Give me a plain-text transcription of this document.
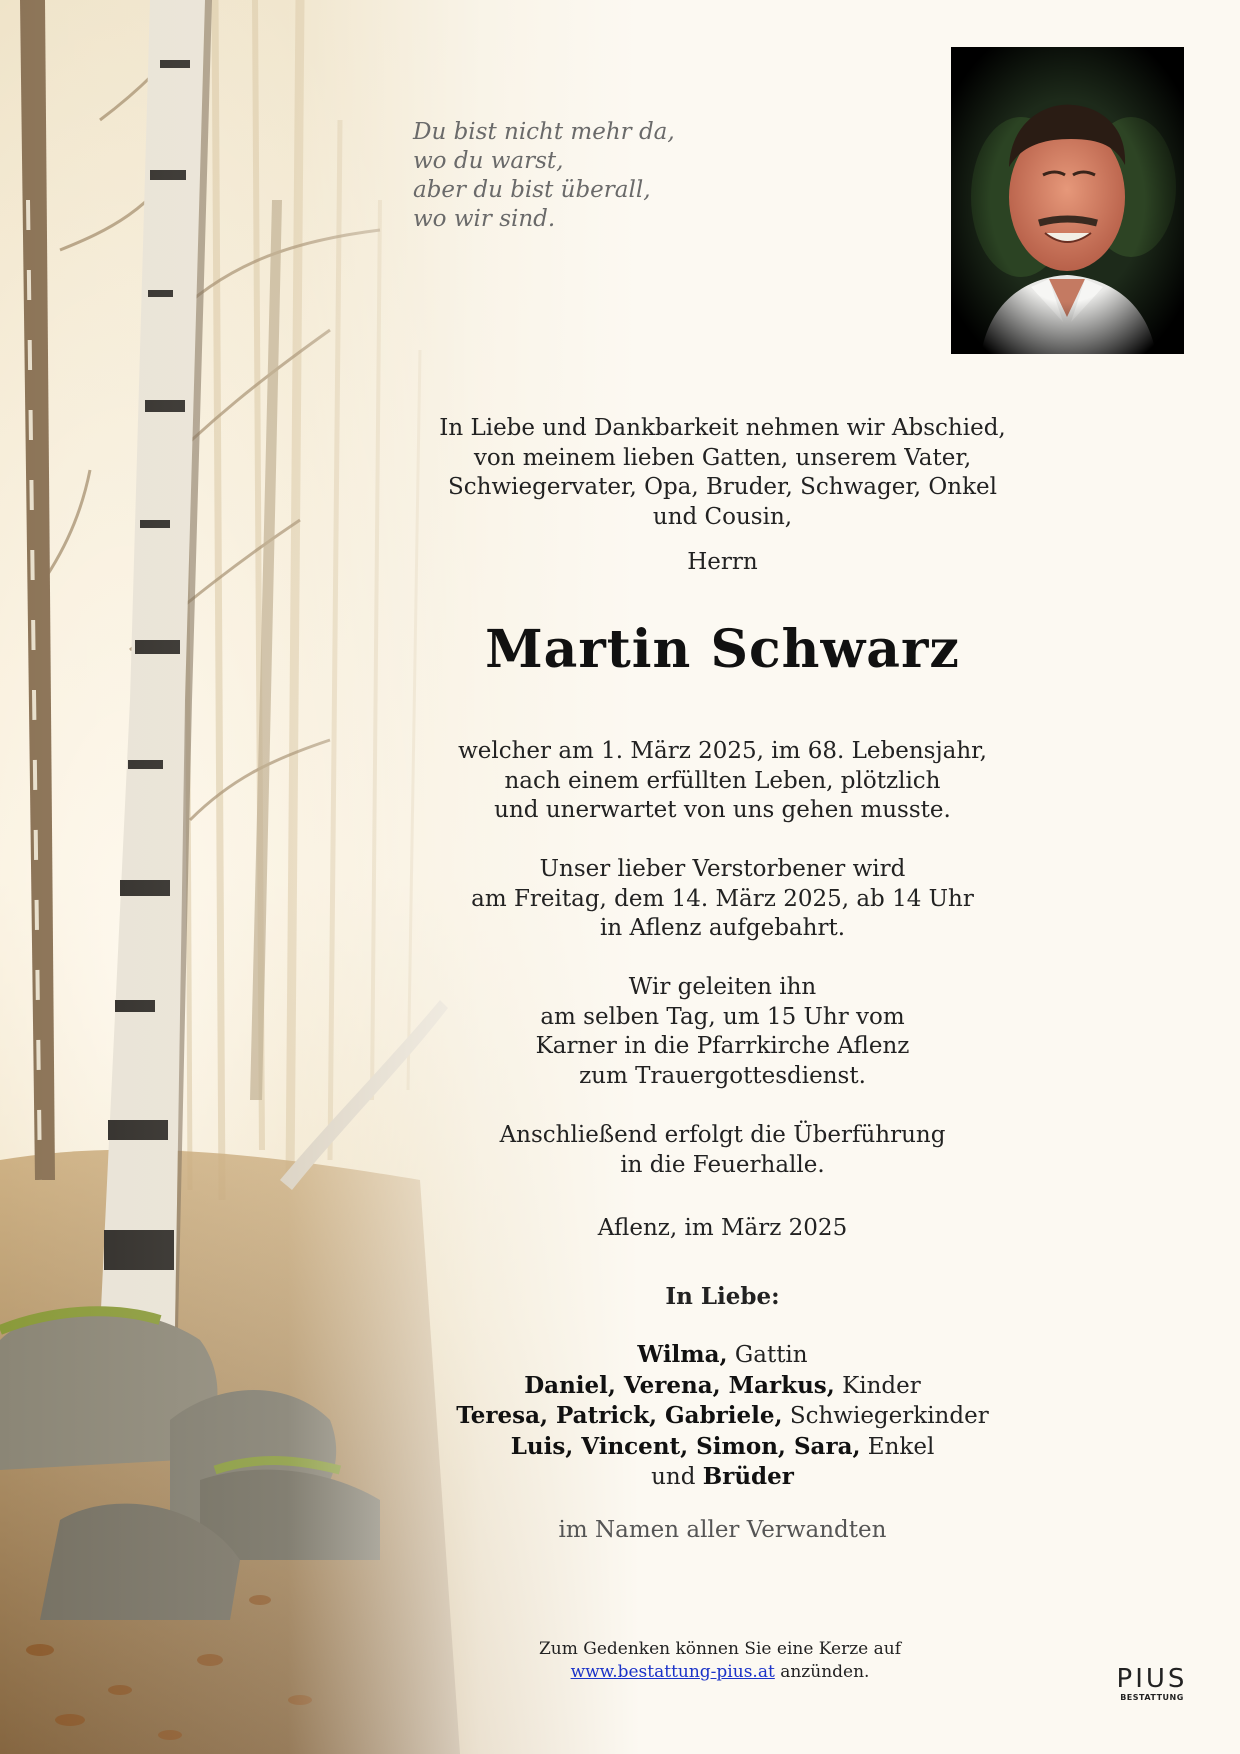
Du bist nicht mehr da,
wo du warst,
aber du bist überall,
wo wir sind.
In Liebe und Dankbarkeit nehmen wir Abschied,
von meinem lieben Gatten, unserem Vater,
Schwiegervater, Opa, Bruder, Schwager, Onkel
und Cousin,
Herrn
Martin Schwarz
welcher am 1. März 2025, im 68. Lebensjahr,
nach einem erfüllten Leben, plötzlich
und unerwartet von uns gehen musste.
Unser lieber Verstorbener wird
am Freitag, dem 14. März 2025, ab 14 Uhr
in Aflenz aufgebahrt.
Wir geleiten ihn
am selben Tag, um 15 Uhr vom
Karner in die Pfarrkirche Aflenz
zum Trauergottesdienst.
Anschließend erfolgt die Überführung
in die Feuerhalle.
Aflenz, im März 2025
In Liebe:
Wilma, Gattin
Daniel, Verena, Markus, Kinder
Teresa, Patrick, Gabriele, Schwiegerkinder
Luis, Vincent, Simon, Sara, Enkel
und Brüder
im Namen aller Verwandten
Zum Gedenken können Sie eine Kerze auf
www.bestattung-pius.at anzünden.	PIUS
BESTATTUNG
